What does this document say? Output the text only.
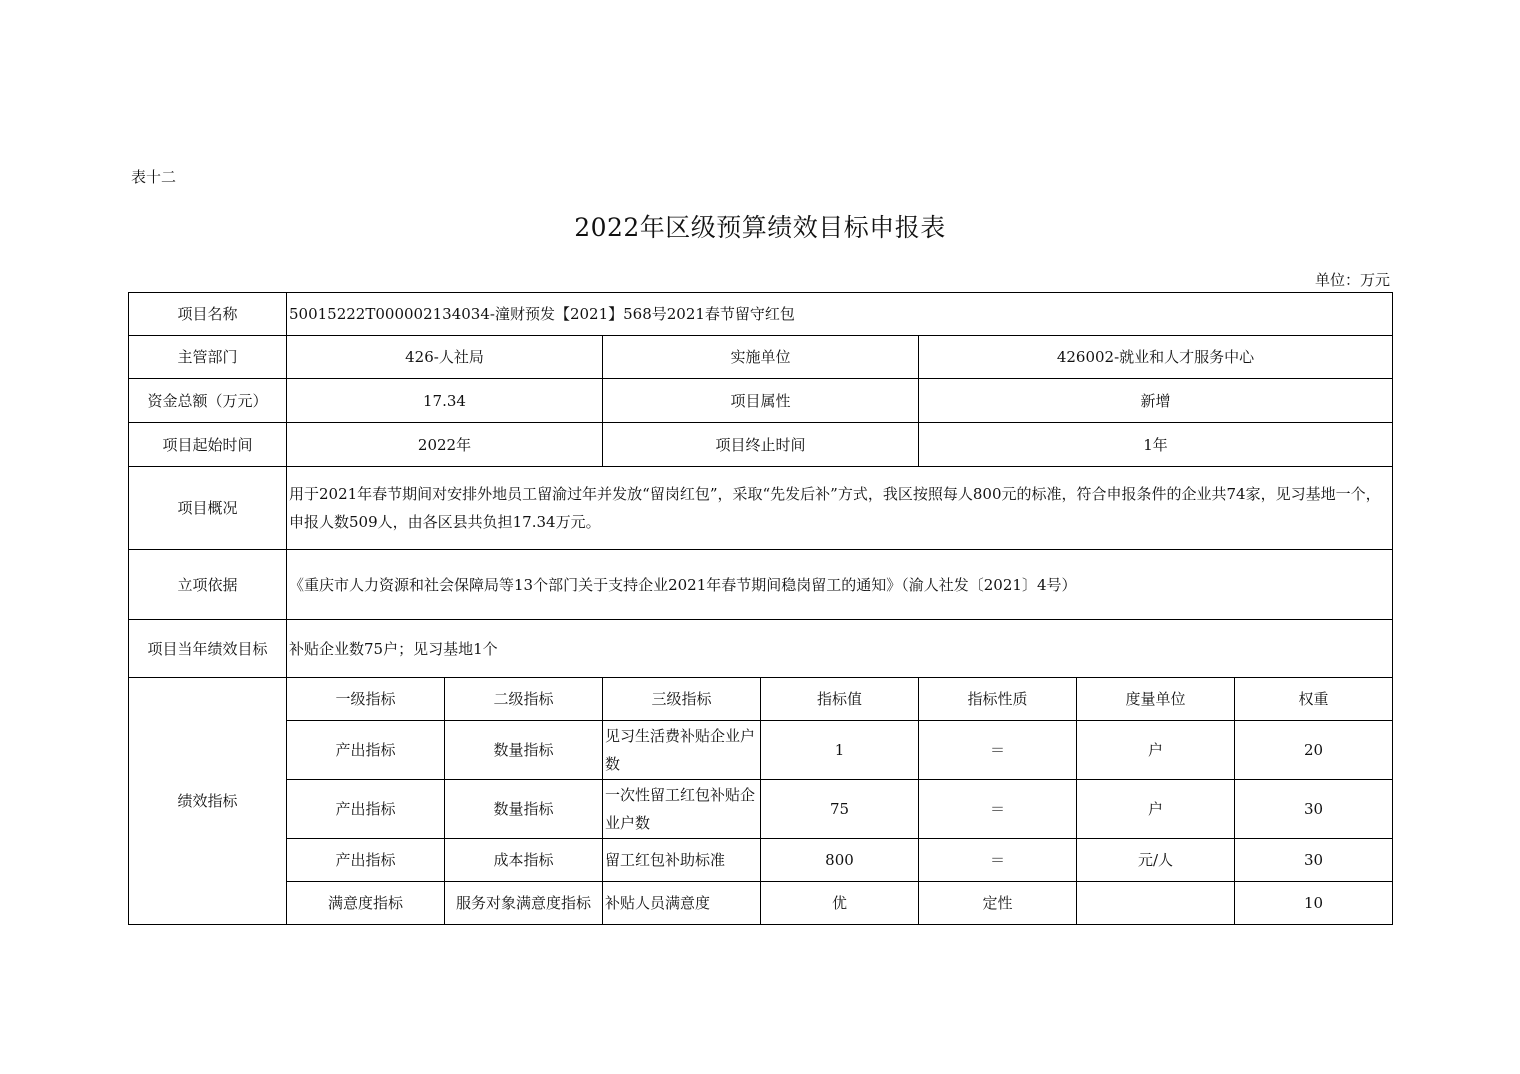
表十二
2022年区级预算绩效目标申报表
单位：万元
项目名称	50015222T000002134034-潼财预发【2021】568号2021春节留守红包						
主管部门	426-人社局		实施单位		426002-就业和人才服务中心		
资金总额（万元）	17.34		项目属性		新增		
项目起始时间	2022年		项目终止时间		1年		
项目概况	用于2021年春节期间对安排外地员工留渝过年并发放“留岗红包”，采取“先发后补”方式，我区按照每人800元的标准，符合申报条件的企业共74家，见习基地一个，申报人数509人，由各区县共负担17.34万元。						
立项依据	《重庆市人力资源和社会保障局等13个部门关于支持企业2021年春节期间稳岗留工的通知》（渝人社发〔2021〕4号）						
项目当年绩效目标	补贴企业数75户；见习基地1个						
绩效指标	一级指标	二级指标	三级指标	指标值	指标性质	度量单位	权重
	产出指标	数量指标	见习生活费补贴企业户数	1	＝	户	20
	产出指标	数量指标	一次性留工红包补贴企业户数	75	＝	户	30
	产出指标	成本指标	留工红包补助标准	800	＝	元/人	30
	满意度指标	服务对象满意度指标	补贴人员满意度	优	定性		10
